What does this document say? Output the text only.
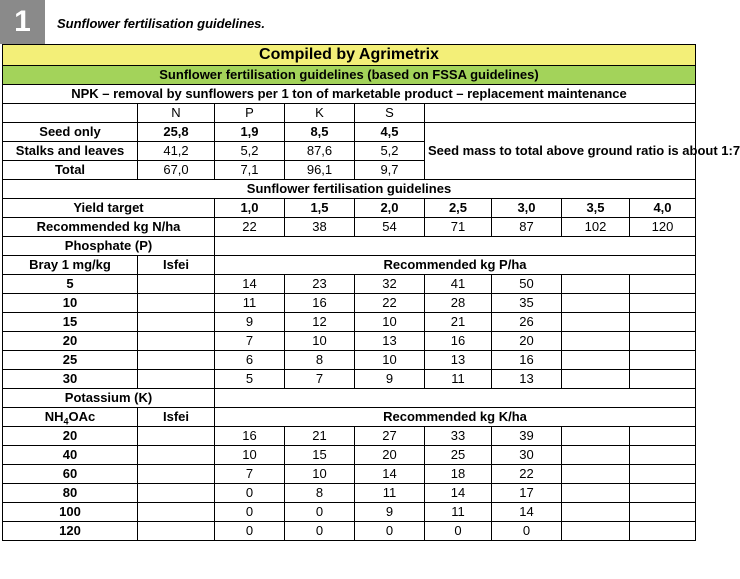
1	Sunflower fertilisation guidelines.
Compiled by Agrimetrix								
Sunflower fertilisation guidelines (based on FSSA guidelines)								
NPK – removal by sunflowers per 1 ton of marketable product – replacement maintenance								
	N	P	K	S				
Seed only	25,8	1,9	8,5	4,5	Seed mass to total above ground ratio is about 1:7			
Stalks and leaves	41,2	5,2	87,6	5,2				
Total	67,0	7,1	96,1	9,7				
Sunflower fertilisation guidelines								
Yield target		1,0	1,5	2,0	2,5	3,0	3,5	4,0
Recommended kg N/ha		22	38	54	71	87	102	120
Phosphate (P)								
Bray 1 mg/kg	Isfei	Recommended kg P/ha						
5		14	23	32	41	50		
10		11	16	22	28	35		
15		9	12	10	21	26		
20		7	10	13	16	20		
25		6	8	10	13	16		
30		5	7	9	11	13		
Potassium (K)								
$NH_4OAc$	Isfei	Recommended kg K/ha						
20		16	21	27	33	39		
40		10	15	20	25	30		
60		7	10	14	18	22		
80		0	8	11	14	17		
100		0	0	9	11	14		
120		0	0	0	0	0		
